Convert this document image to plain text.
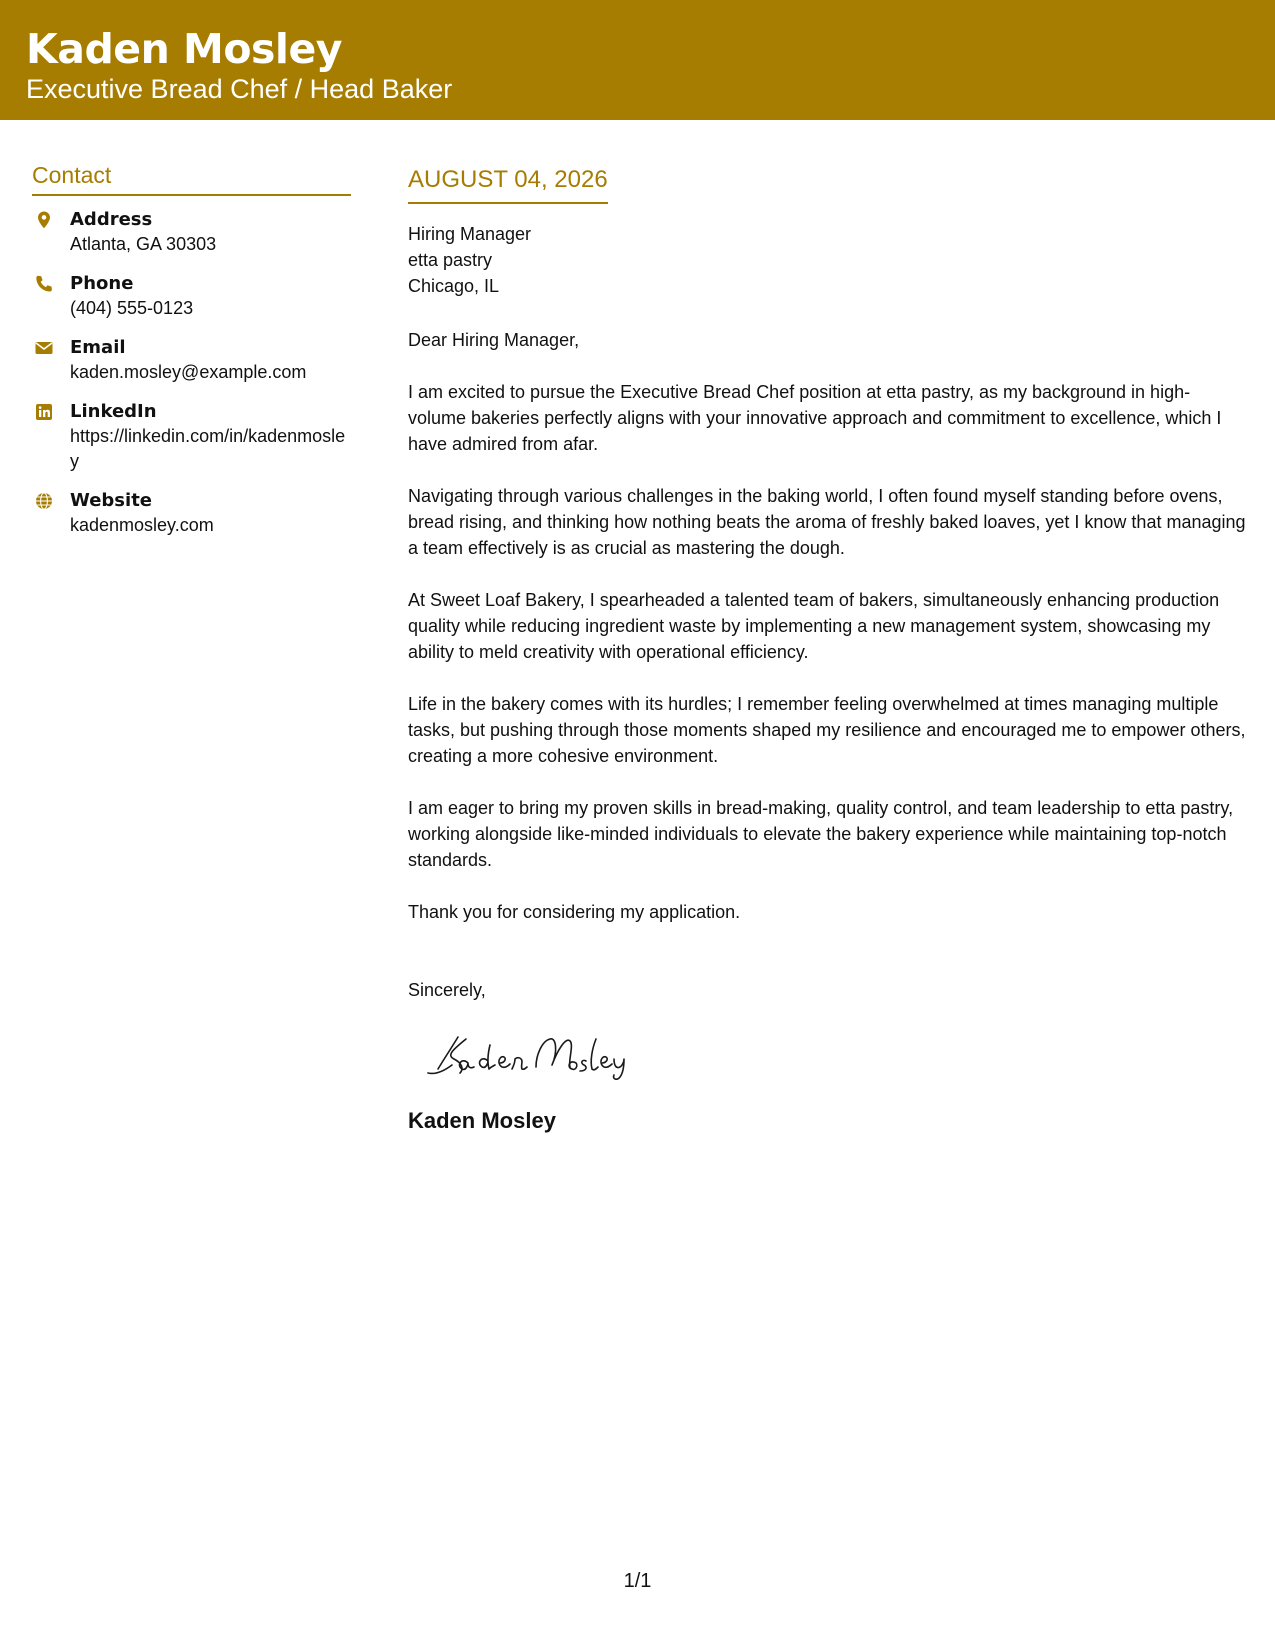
Kaden Mosley
Executive Bread Chef / Head Baker
Contact
Address
Atlanta, GA 30303
Phone
(404) 555-0123
Email
kaden.mosley@example.com
LinkedIn
https://linkedin.com/in/kadenmosley
Website
kadenmosley.com
AUGUST 04, 2026
Hiring Manager
etta pastry
Chicago, IL

Dear Hiring Manager,

I am excited to pursue the Executive Bread Chef position at etta pastry, as my background in high-volume bakeries perfectly aligns with your innovative approach and commitment to excellence, which I have admired from afar.

Navigating through various challenges in the baking world, I often found myself standing before ovens, bread rising, and thinking how nothing beats the aroma of freshly baked loaves, yet I know that managing a team effectively is as crucial as mastering the dough.

At Sweet Loaf Bakery, I spearheaded a talented team of bakers, simultaneously enhancing production quality while reducing ingredient waste by implementing a new management system, showcasing my ability to meld creativity with operational efficiency.

Life in the bakery comes with its hurdles; I remember feeling overwhelmed at times managing multiple tasks, but pushing through those moments shaped my resilience and encouraged me to empower others, creating a more cohesive environment.

I am eager to bring my proven skills in bread-making, quality control, and team leadership to etta pastry, working alongside like-minded individuals to elevate the bakery experience while maintaining top-notch standards.

Thank you for considering my application.

Sincerely,

Kaden Mosley
1/1
